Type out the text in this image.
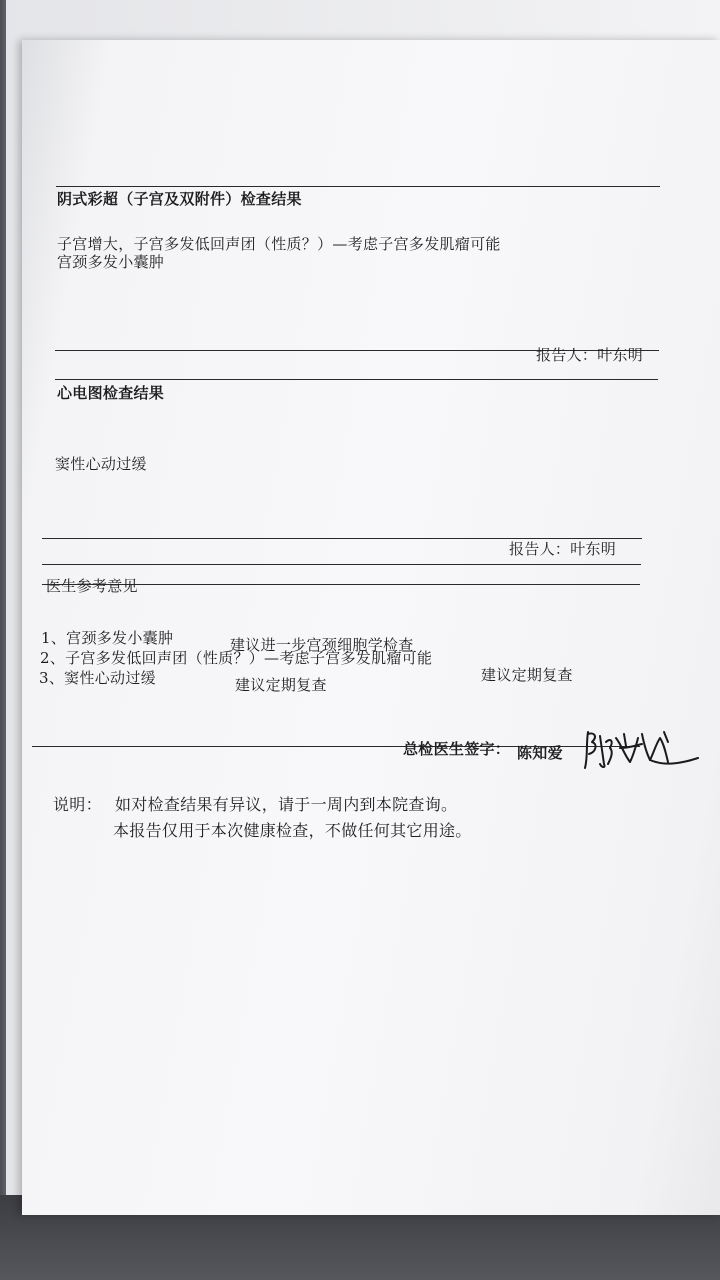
阴式彩超（子宫及双附件）检查结果
子宫增大，子宫多发低回声团（性质？）—考虑子宫多发肌瘤可能
宫颈多发小囊肿
报告人：叶东明
心电图检查结果
窦性心动过缓
报告人：叶东明
医生参考意见
1、宫颈多发小囊肿	建议进一步宫颈细胞学检查
2、子宫多发低回声团（性质？）—考虑子宫多发肌瘤可能
建议定期复查
3、窦性心动过缓	建议定期复查
总检医生签字： 陈知爱
说明： 如对检查结果有异议，请于一周内到本院查询。
本报告仅用于本次健康检查，不做任何其它用途。
